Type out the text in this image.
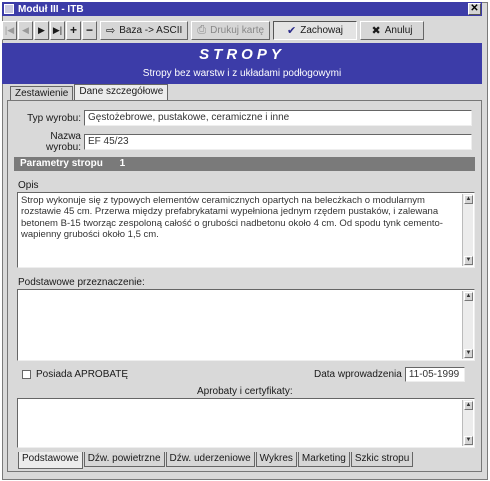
Moduł III - ITB	✕
|◀ ◀	▶ ▶| + −	⇨ Baza -> ASCII ⎙ Drukuj kartę ✔ Zachowaj	✖ Anuluj
STROPY
Stropy bez warstw i z układami podłogowymi
Zestawienie	Dane szczegółowe
Typ wyrobu: Gęstożebrowe, pustakowe, ceramiczne i inne
Nazwa wyrobu:
EF 45/23
Parametry stropu 1
Opis
Strop wykonuje się z typowych elementów ceramicznych opartych na belecżkach o modularnym rozstawie 45 cm. Przerwa między prefabrykatami wypełniona jednym rzędem pustaków, i zalewana betonem B-15 tworząc zespoloną całość o grubości nadbetonu około 4 cm. Od spodu tynk cemento-wapienny grubości około 1,5 cm.
▲
▼
Podstawowe przeznaczenie:
▲
▼
Posiada APROBATĘ	Data wprowadzenia 11-05-1999
Aprobaty i certyfikaty:
▲
▼
Podstawowe Dźw. powietrzne Dźw. uderzeniowe Wykres Marketing Szkic stropu
